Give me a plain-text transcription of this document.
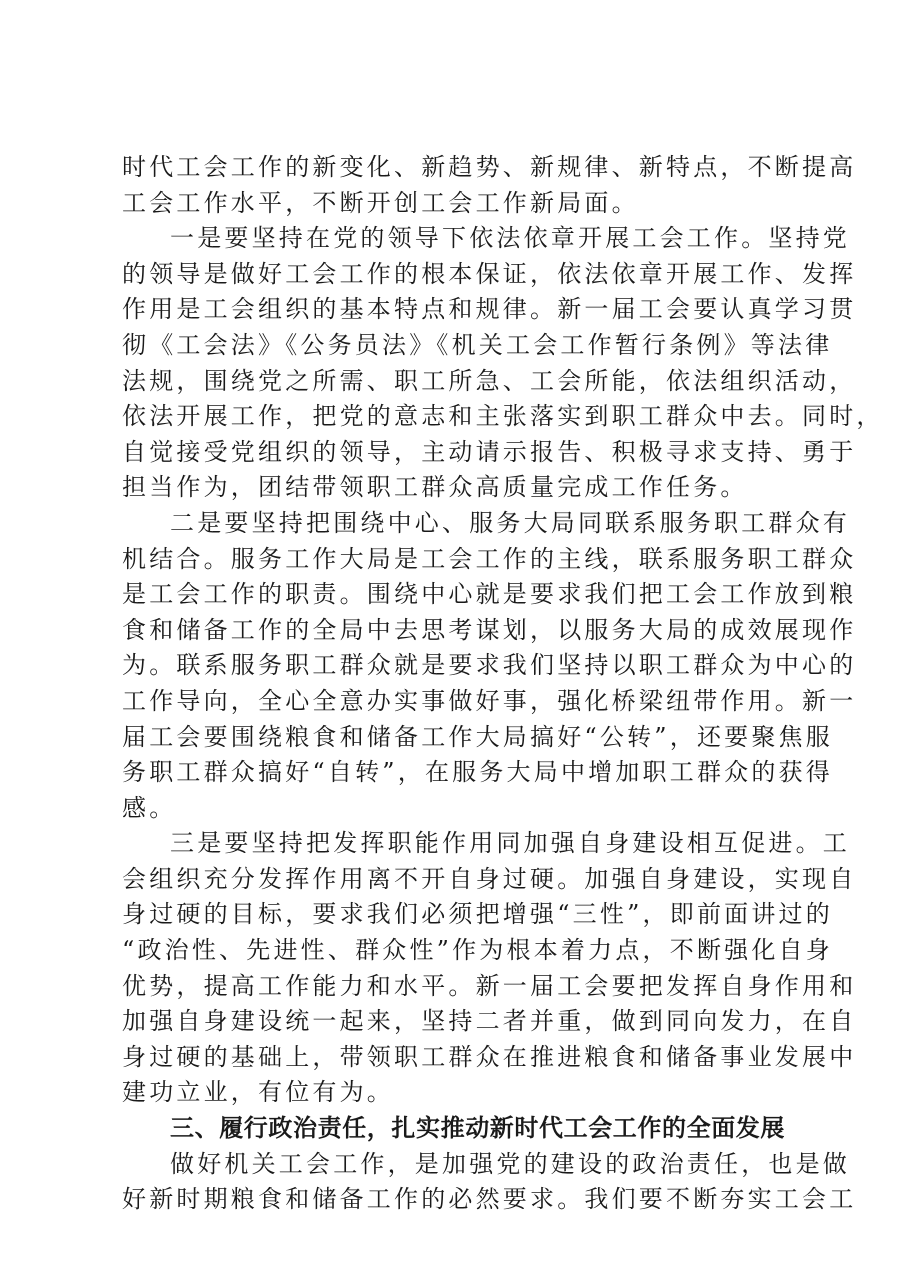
时代工会工作的新变化、新趋势、新规律、新特点，不断提高
工会工作水平，不断开创工会工作新局面。
一是要坚持在党的领导下依法依章开展工会工作。坚持党
的领导是做好工会工作的根本保证，依法依章开展工作、发挥
作用是工会组织的基本特点和规律。新一届工会要认真学习贯
彻《工会法》《公务员法》《机关工会工作暂行条例》等法律
法规，围绕党之所需、职工所急、工会所能，依法组织活动，
依法开展工作，把党的意志和主张落实到职工群众中去。同时，
自觉接受党组织的领导，主动请示报告、积极寻求支持、勇于
担当作为，团结带领职工群众高质量完成工作任务。
二是要坚持把围绕中心、服务大局同联系服务职工群众有
机结合。服务工作大局是工会工作的主线，联系服务职工群众
是工会工作的职责。围绕中心就是要求我们把工会工作放到粮
食和储备工作的全局中去思考谋划，以服务大局的成效展现作
为。联系服务职工群众就是要求我们坚持以职工群众为中心的
工作导向，全心全意办实事做好事，强化桥梁纽带作用。新一
届工会要围绕粮食和储备工作大局搞好“公转”，还要聚焦服
务职工群众搞好“自转”，在服务大局中增加职工群众的获得
感。
三是要坚持把发挥职能作用同加强自身建设相互促进。工
会组织充分发挥作用离不开自身过硬。加强自身建设，实现自
身过硬的目标，要求我们必须把增强“三性”，即前面讲过的
“政治性、先进性、群众性”作为根本着力点，不断强化自身
优势，提高工作能力和水平。新一届工会要把发挥自身作用和
加强自身建设统一起来，坚持二者并重，做到同向发力，在自
身过硬的基础上，带领职工群众在推进粮食和储备事业发展中
建功立业，有位有为。
三、履行政治责任，扎实推动新时代工会工作的全面发展
做好机关工会工作，是加强党的建设的政治责任，也是做
好新时期粮食和储备工作的必然要求。我们要不断夯实工会工
